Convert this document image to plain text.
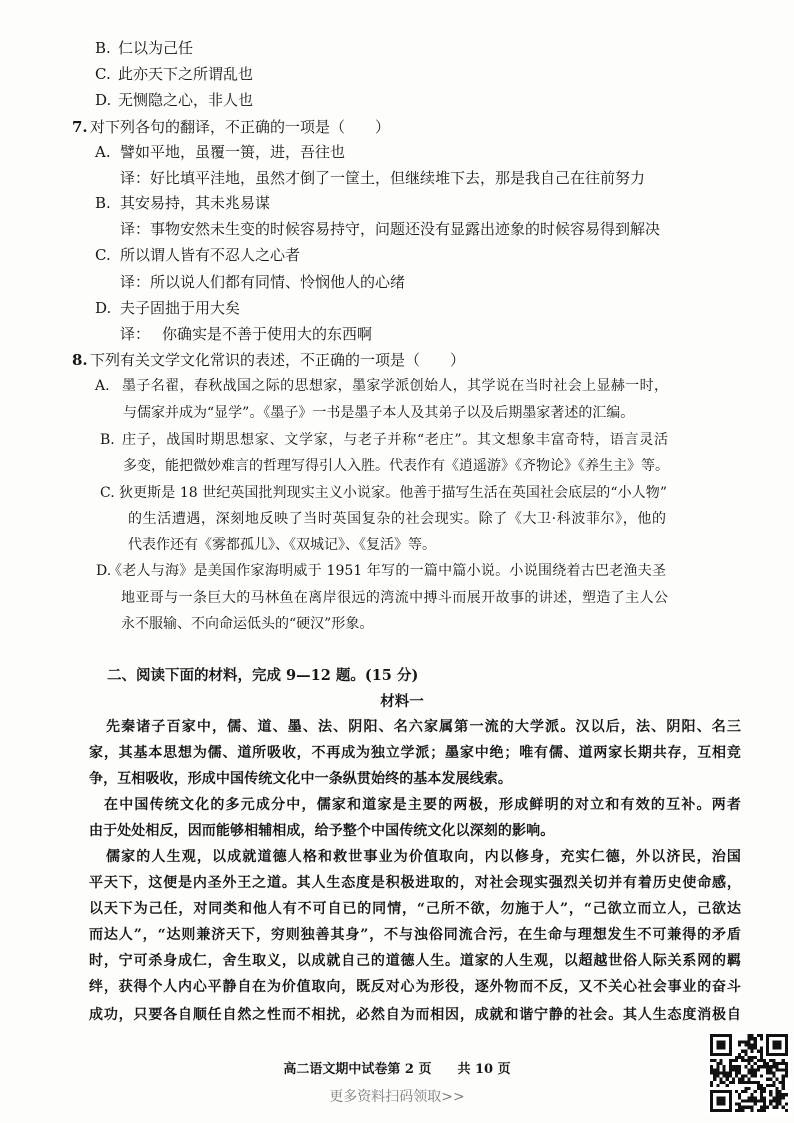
B. 仁以为己任
C. 此亦天下之所谓乱也
D. 无恻隐之心，非人也
7. 对下列各句的翻译，不正确的一项是（　　）
A. 譬如平地，虽覆一篑，进，吾往也
译： 好比填平洼地，虽然才倒了一筐土，但继续堆下去，那是我自己在往前努力
B. 其安易持，其未兆易谋
译： 事物安然未生变的时候容易持守，问题还没有显露出迹象的时候容易得到解决
C. 所以谓人皆有不忍人之心者
译： 所以说人们都有同情、怜悯他人的心绪
D. 夫子固拙于用大矣
译： 你确实是不善于使用大的东西啊
8. 下列有关文学文化常识的表述，不正确的一项是（　　）
A. 墨子名翟，春秋战国之际的思想家，墨家学派创始人，其学说在当时社会上显赫一时，
与儒家并成为“显学”。《墨子》一书是墨子本人及其弟子以及后期墨家著述的汇编。
B. 庄子，战国时期思想家、文学家，与老子并称“老庄”。其文想象丰富奇特，语言灵活
多变，能把微妙难言的哲理写得引人入胜。代表作有《逍遥游》《齐物论》《养生主》等。
C. 狄更斯是 18 世纪英国批判现实主义小说家。他善于描写生活在英国社会底层的“小人物”
的生活遭遇，深刻地反映了当时英国复杂的社会现实。除了《大卫·科波菲尔》，他的
代表作还有《雾都孤儿》、《双城记》、《复活》等。
D.
《老人与海》是美国作家海明威于 1951 年写的一篇中篇小说。小说围绕着古巴老渔夫圣
地亚哥与一条巨大的马林鱼在离岸很远的湾流中搏斗而展开故事的讲述，塑造了主人公
永不服输、不向命运低头的“硬汉”形象。
二、阅读下面的材料，完成 9—12 题。(15 分)
材料一
先秦诸子百家中，儒、道、墨、法、阴阳、名六家属第一流的大学派。汉以后，法、阴阳、名三
家，其基本思想为儒、道所吸收，不再成为独立学派；墨家中绝；唯有儒、道两家长期共存，互相竞
争，互相吸收，形成中国传统文化中一条纵贯始终的基本发展线索。
在中国传统文化的多元成分中，儒家和道家是主要的两极，形成鲜明的对立和有效的互补。两者
由于处处相反，因而能够相辅相成，给予整个中国传统文化以深刻的影响。
儒家的人生观，以成就道德人格和救世事业为价值取向，内以修身，充实仁德，外以济民，治国
平天下，这便是内圣外王之道。其人生态度是积极进取的，对社会现实强烈关切并有着历史使命感，
以天下为己任，对同类和他人有不可自已的同情，“己所不欲，勿施于人”，“己欲立而立人，己欲达
而达人”，“达则兼济天下，穷则独善其身”，不与浊俗同流合污，在生命与理想发生不可兼得的矛盾
时，宁可杀身成仁，舍生取义，以成就自己的道德人生。道家的人生观，以超越世俗人际关系网的羁
绊，获得个人内心平静自在为价值取向，既反对心为形役，逐外物而不反，又不关心社会事业的奋斗
成功，只要各自顺任自然之性而不相扰，必然自为而相因，成就和谐宁静的社会。其人生态度消极自
高二语文期中试卷第 2 页　　共 10 页
更多资料扫码领取>>
